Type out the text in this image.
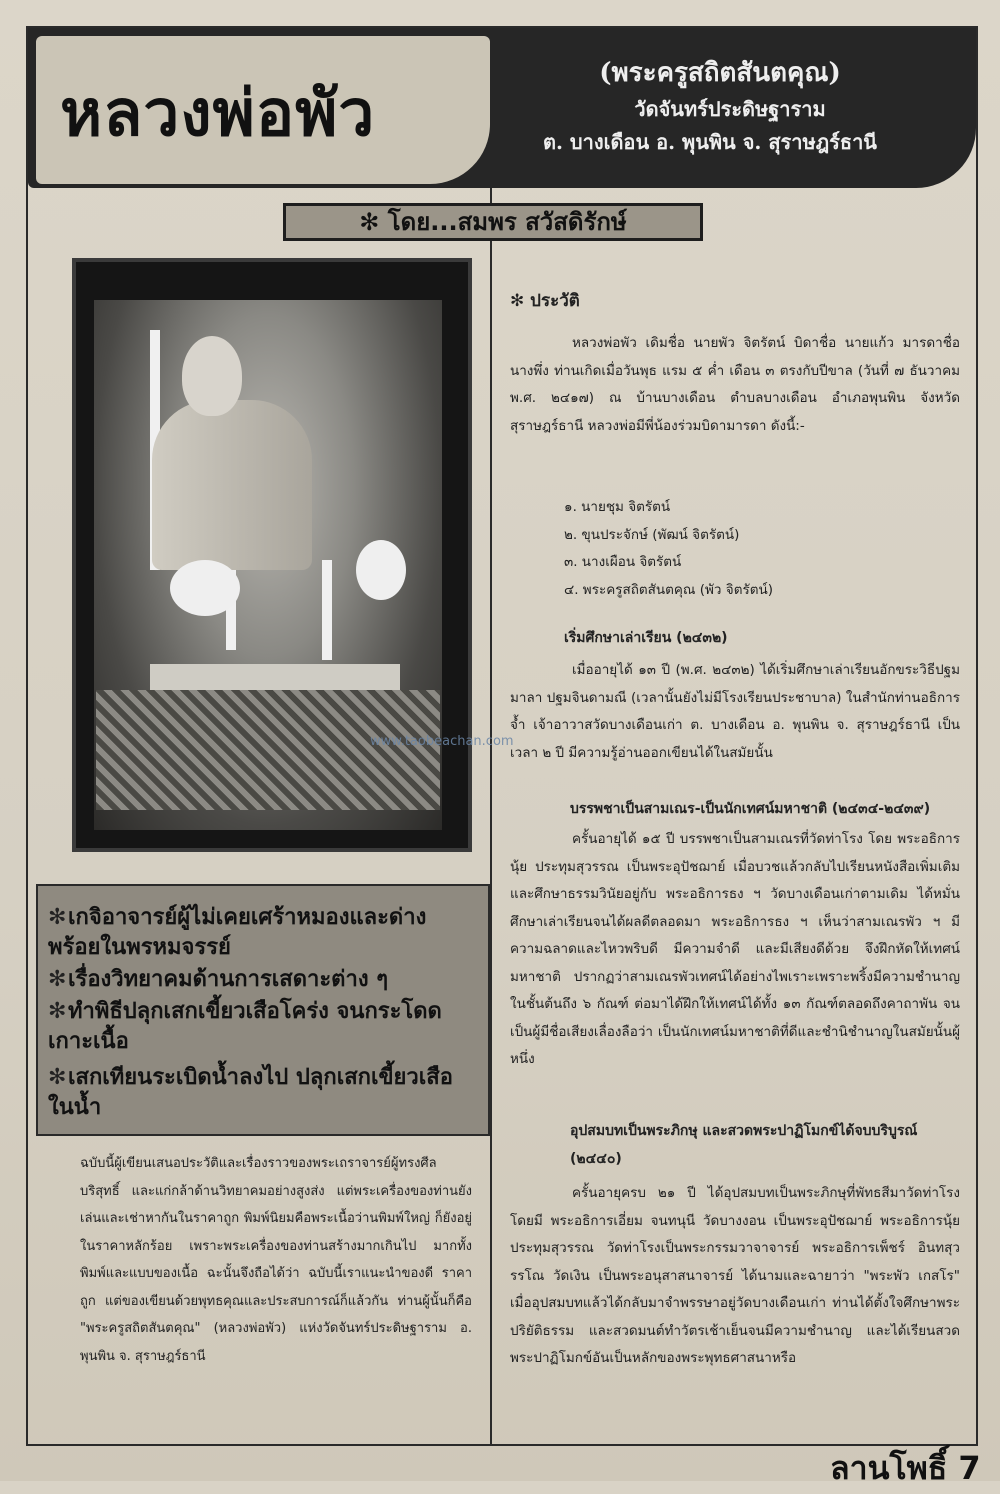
หลวงพ่อพัว
(พระครูสถิตสันตคุณ)
วัดจันทร์ประดิษฐาราม
ต. บางเดือน อ. พุนพิน จ. สุราษฎร์ธานี
✻ โดย...สมพร สวัสดิรักษ์
www.taobeachan.com
✻เกจิอาจารย์ผู้ไม่เคยเศร้าหมองและด่างพร้อยในพรหมจรรย์
✻เรื่องวิทยาคมด้านการเสดาะต่าง ๆ
✻ทำพิธีปลุกเสกเขี้ยวเสือโคร่ง จนกระโดดเกาะเนื้อ
✻เสกเทียนระเบิดน้ำลงไป ปลุกเสกเขี้ยวเสือในน้ำ
ฉบับนี้ผู้เขียนเสนอประวัติและเรื่องราวของพระเถราจารย์ผู้ทรงศีลบริสุทธิ์ และแก่กล้าด้านวิทยาคมอย่างสูงส่ง แต่พระเครื่องของท่านยังเล่นและเช่าหากันในราคาถูก พิมพ์นิยมคือพระเนื้อว่านพิมพ์ใหญ่ ก็ยังอยู่ในราคาหลักร้อย เพราะพระเครื่องของท่านสร้างมากเกินไป มากทั้งพิมพ์และแบบของเนื้อ ฉะนั้นจึงถือได้ว่า ฉบับนี้เราแนะนำของดี ราคาถูก แต่ของเขียนด้วยพุทธคุณและประสบการณ์ก็แล้วกัน ท่านผู้นั้นก็คือ "พระครูสถิตสันตคุณ" (หลวงพ่อพัว) แห่งวัดจันทร์ประดิษฐาราม อ. พุนพิน จ. สุราษฎร์ธานี
✻ ประวัติ
หลวงพ่อพัว เดิมชื่อ นายพัว จิตรัตน์ บิดาชื่อ นายแก้ว มารดาชื่อ นางพึ่ง ท่านเกิดเมื่อวันพุธ แรม ๕ ค่ำ เดือน ๓ ตรงกับปีขาล (วันที่ ๗ ธันวาคม พ.ศ. ๒๔๑๗) ณ บ้านบางเดือน ตำบลบางเดือน อำเภอพุนพิน จังหวัดสุราษฎร์ธานี หลวงพ่อมีพี่น้องร่วมบิดามารดา ดังนี้:-
๑. นายชุม จิตรัตน์
๒. ขุนประจักษ์ (พัฒน์ จิตรัตน์)
๓. นางเผือน จิตรัตน์
๔. พระครูสถิตสันตคุณ (พัว จิตรัตน์)
เริ่มศึกษาเล่าเรียน (๒๔๓๒)
เมื่ออายุได้ ๑๓ ปี (พ.ศ. ๒๔๓๒) ได้เริ่มศึกษาเล่าเรียนอักขระวิธีปฐมมาลา ปฐมจินดามณี (เวลานั้นยังไม่มีโรงเรียนประชาบาล) ในสำนักท่านอธิการจ้ำ เจ้าอาวาสวัดบางเดือนเก่า ต. บางเดือน อ. พุนพิน จ. สุราษฎร์ธานี เป็นเวลา ๒ ปี มีความรู้อ่านออกเขียนได้ในสมัยนั้น
บรรพชาเป็นสามเณร-เป็นนักเทศน์มหาชาติ (๒๔๓๔-๒๔๓๙)
ครั้นอายุได้ ๑๕ ปี บรรพชาเป็นสามเณรที่วัดท่าโรง โดย พระอธิการนุ้ย ประทุมสุวรรณ เป็นพระอุปัชฌาย์ เมื่อบวชแล้วกลับไปเรียนหนังสือเพิ่มเติมและศึกษาธรรมวินัยอยู่กับ พระอธิการธง ฯ วัดบางเดือนเก่าตามเดิม ได้หมั่นศึกษาเล่าเรียนจนได้ผลดีตลอดมา พระอธิการธง ฯ เห็นว่าสามเณรพัว ฯ มีความฉลาดและไหวพริบดี มีความจำดี และมีเสียงดีด้วย จึงฝึกหัดให้เทศน์มหาชาติ ปรากฏว่าสามเณรพัวเทศน์ได้อย่างไพเราะเพราะพริ้งมีความชำนาญในชั้นต้นถึง ๖ กัณฑ์ ต่อมาได้ฝึกให้เทศน์ได้ทั้ง ๑๓ กัณฑ์ตลอดถึงคาถาพัน จนเป็นผู้มีชื่อเสียงเลื่องลือว่า เป็นนักเทศน์มหาชาติที่ดีและชำนิชำนาญในสมัยนั้นผู้หนึ่ง
อุปสมบทเป็นพระภิกษุ และสวดพระปาฏิโมกข์ได้จบบริบูรณ์ (๒๔๔๐)
ครั้นอายุครบ ๒๑ ปี ได้อุปสมบทเป็นพระภิกษุที่พัทธสีมาวัดท่าโรง โดยมี พระอธิการเอี่ยม จนทนุนี วัดบางงอน เป็นพระอุปัชฌาย์ พระอธิการนุ้ย ประทุมสุวรรณ วัดท่าโรงเป็นพระกรรมวาจาจารย์ พระอธิการเพ็ชร์ อินทสุวรรโณ วัดเงิน เป็นพระอนุสาสนาจารย์ ได้นามและฉายาว่า "พระพัว เกสโร" เมื่ออุปสมบทแล้วได้กลับมาจำพรรษาอยู่วัดบางเดือนเก่า ท่านได้ตั้งใจศึกษาพระปริยัติธรรม และสวดมนต์ทำวัตรเช้าเย็นจนมีความชำนาญ และได้เรียนสวดพระปาฏิโมกข์อันเป็นหลักของพระพุทธศาสนาหรือ
ลานโพธิ์ 7
